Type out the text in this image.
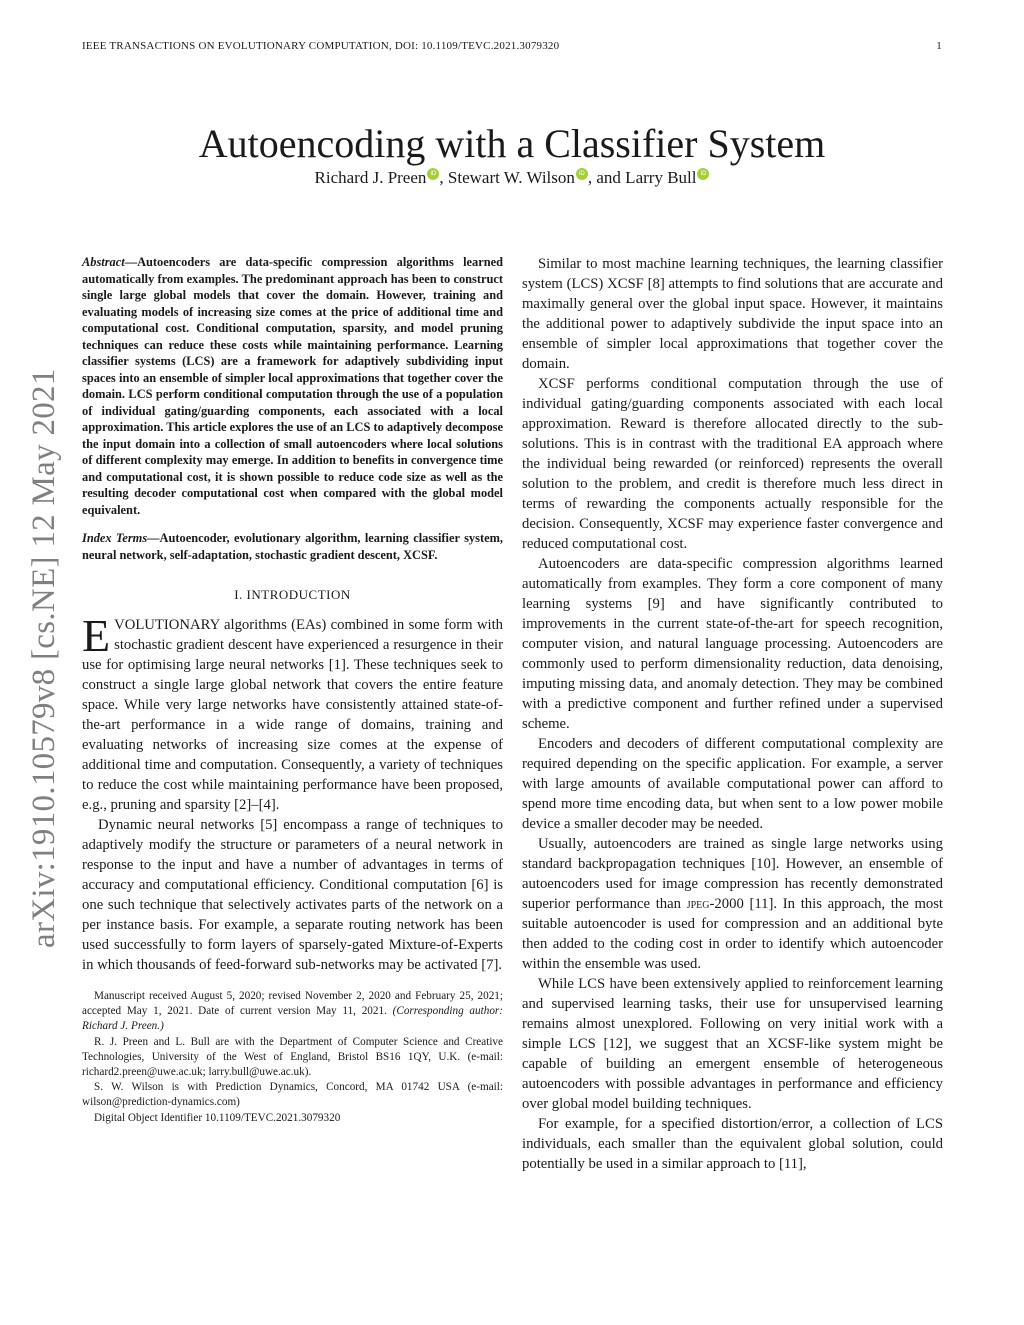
IEEE TRANSACTIONS ON EVOLUTIONARY COMPUTATION, DOI: 10.1109/TEVC.2021.3079320	1
arXiv:1910.10579v8 [cs.NE] 12 May 2021
Autoencoding with a Classifier System
Richard J. Preen iD , Stewart W. Wilson iD , and Larry Bull iD

Abstract—Autoencoders are data-specific compression algorithms learned automatically from examples. The predominant approach has been to construct single large global models that cover the domain. However, training and evaluating models of increasing size comes at the price of additional time and computational cost. Conditional computation, sparsity, and model pruning techniques can reduce these costs while maintaining performance. Learning classifier systems (LCS) are a framework for adaptively subdividing input spaces into an ensemble of simpler local approximations that together cover the domain. LCS perform conditional computation through the use of a population of individual gating/guarding components, each associated with a local approximation. This article explores the use of an LCS to adaptively decompose the input domain into a collection of small autoencoders where local solutions of different complexity may emerge. In addition to benefits in convergence time and computational cost, it is shown possible to reduce code size as well as the resulting decoder computational cost when compared with the global model equivalent.

Index Terms—Autoencoder, evolutionary algorithm, learning classifier system, neural network, self-adaptation, stochastic gradient descent, XCSF.

I. INTRODUCTION

EVOLUTIONARY algorithms (EAs) combined in some form with stochastic gradient descent have experienced a resurgence in their use for optimising large neural networks [1]. These techniques seek to construct a single large global network that covers the entire feature space. While very large networks have consistently attained state-of-the-art performance in a wide range of domains, training and evaluating networks of increasing size comes at the expense of additional time and computation. Consequently, a variety of techniques to reduce the cost while maintaining performance have been proposed, e.g., pruning and sparsity [2]–[4].

Dynamic neural networks [5] encompass a range of techniques to adaptively modify the structure or parameters of a neural network in response to the input and have a number of advantages in terms of accuracy and computational efficiency. Conditional computation [6] is one such technique that selectively activates parts of the network on a per instance basis. For example, a separate routing network has been used successfully to form layers of sparsely-gated Mixture-of-Experts in which thousands of feed-forward sub-networks may be activated [7].

Manuscript received August 5, 2020; revised November 2, 2020 and February 25, 2021; accepted May 1, 2021. Date of current version May 11, 2021. (Corresponding author: Richard J. Preen.)

R. J. Preen and L. Bull are with the Department of Computer Science and Creative Technologies, University of the West of England, Bristol BS16 1QY, U.K. (e-mail: richard2.preen@uwe.ac.uk; larry.bull@uwe.ac.uk).

S. W. Wilson is with Prediction Dynamics, Concord, MA 01742 USA (e-mail: wilson@prediction-dynamics.com)

Digital Object Identifier 10.1109/TEVC.2021.3079320

Similar to most machine learning techniques, the learning classifier system (LCS) XCSF [8] attempts to find solutions that are accurate and maximally general over the global input space. However, it maintains the additional power to adaptively subdivide the input space into an ensemble of simpler local approximations that together cover the domain.

XCSF performs conditional computation through the use of individual gating/guarding components associated with each local approximation. Reward is therefore allocated directly to the sub-solutions. This is in contrast with the traditional EA approach where the individual being rewarded (or reinforced) represents the overall solution to the problem, and credit is therefore much less direct in terms of rewarding the components actually responsible for the decision. Consequently, XCSF may experience faster convergence and reduced computational cost.

Autoencoders are data-specific compression algorithms learned automatically from examples. They form a core component of many learning systems [9] and have significantly contributed to improvements in the current state-of-the-art for speech recognition, computer vision, and natural language processing. Autoencoders are commonly used to perform dimensionality reduction, data denoising, imputing missing data, and anomaly detection. They may be combined with a predictive component and further refined under a supervised scheme.

Encoders and decoders of different computational complexity are required depending on the specific application. For example, a server with large amounts of available computational power can afford to spend more time encoding data, but when sent to a low power mobile device a smaller decoder may be needed.

Usually, autoencoders are trained as single large networks using standard backpropagation techniques [10]. However, an ensemble of autoencoders used for image compression has recently demonstrated superior performance than jpeg-2000 [11]. In this approach, the most suitable autoencoder is used for compression and an additional byte then added to the coding cost in order to identify which autoencoder within the ensemble was used.

While LCS have been extensively applied to reinforcement learning and supervised learning tasks, their use for unsupervised learning remains almost unexplored. Following on very initial work with a simple LCS [12], we suggest that an XCSF-like system might be capable of building an emergent ensemble of heterogeneous autoencoders with possible advantages in performance and efficiency over global model building techniques.

For example, for a specified distortion/error, a collection of LCS individuals, each smaller than the equivalent global solution, could potentially be used in a similar approach to [11],
